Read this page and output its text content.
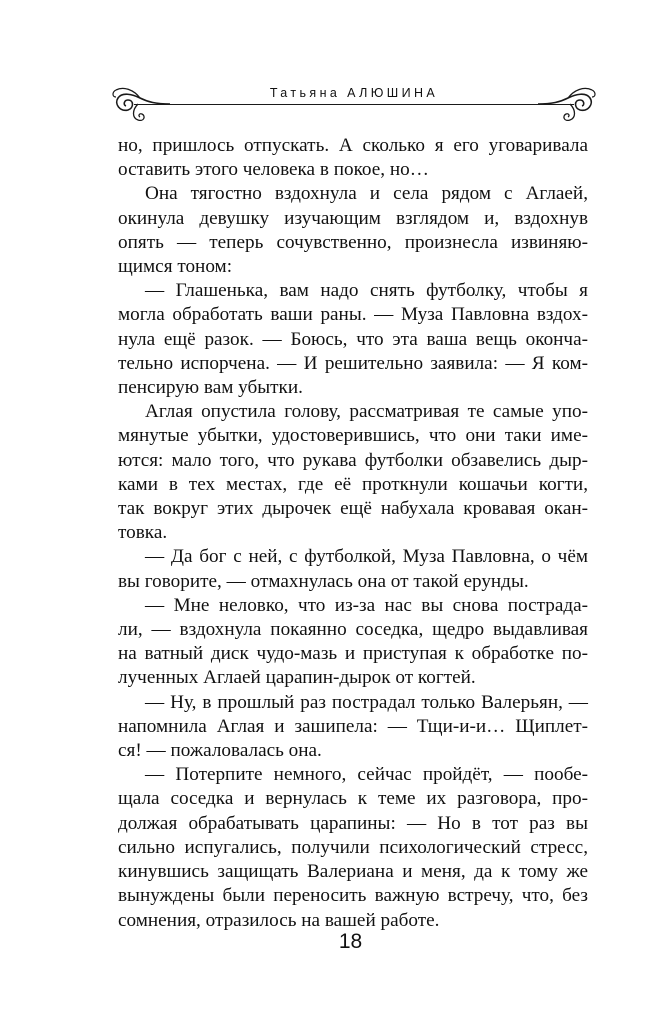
Татьяна АЛЮШИНА

но, пришлось отпускать. А сколько я его уговаривала

оставить этого человека в покое, но…

Она тягостно вздохнула и села рядом с Аглаей,

окинула девушку изучающим взглядом и, вздохнув

опять — теперь сочувственно, произнесла извиняю-

щимся тоном:

— Глашенька, вам надо снять футболку, чтобы я

могла обработать ваши раны. — Муза Павловна вздох-

нула ещё разок. — Боюсь, что эта ваша вещь оконча-

тельно испорчена. — И решительно заявила: — Я ком-

пенсирую вам убытки.

Аглая опустила голову, рассматривая те самые упо-

мянутые убытки, удостоверившись, что они таки име-

ются: мало того, что рукава футболки обзавелись дыр-

ками в тех местах, где её проткнули кошачьи когти,

так вокруг этих дырочек ещё набухала кровавая окан-

товка.

— Да бог с ней, с футболкой, Муза Павловна, о чём

вы говорите, — отмахнулась она от такой ерунды.

— Мне неловко, что из-за нас вы снова пострада-

ли, — вздохнула покаянно соседка, щедро выдавливая

на ватный диск чудо-мазь и приступая к обработке по-

лученных Аглаей царапин-дырок от когтей.

— Ну, в прошлый раз пострадал только Валерьян, —

напомнила Аглая и зашипела: — Тщи-и-и… Щиплет-

ся! — пожаловалась она.

— Потерпите немного, сейчас пройдёт, — пообе-

щала соседка и вернулась к теме их разговора, про-

должая обрабатывать царапины: — Но в тот раз вы

сильно испугались, получили психологический стресс,

кинувшись защищать Валериана и меня, да к тому же

вынуждены были переносить важную встречу, что, без

сомнения, отразилось на вашей работе.

18
